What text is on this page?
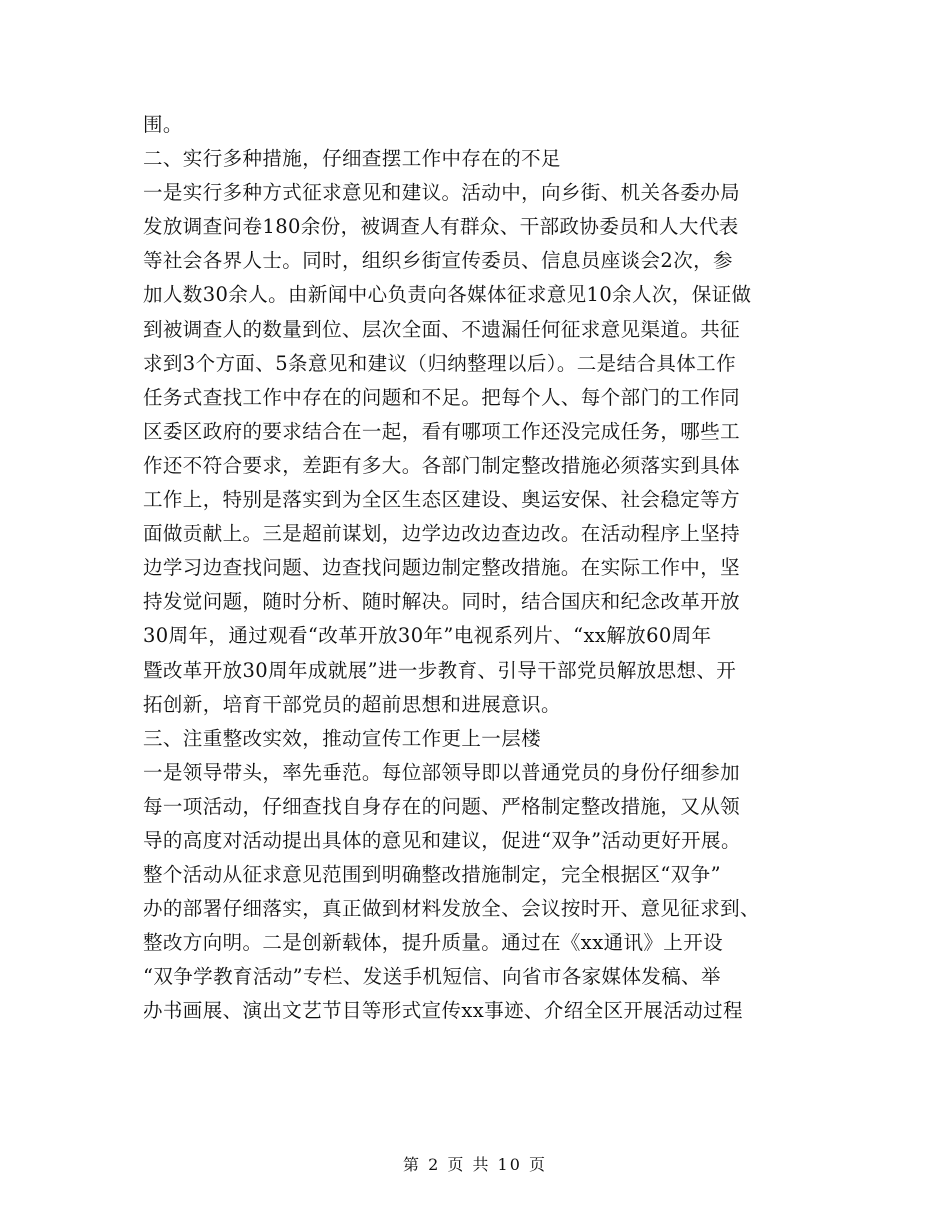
围。
二、实行多种措施，仔细查摆工作中存在的不足
一是实行多种方式征求意见和建议。活动中，向乡街、机关各委办局
发放调查问卷180余份，被调查人有群众、干部政协委员和人大代表
等社会各界人士。同时，组织乡街宣传委员、信息员座谈会2次，参
加人数30余人。由新闻中心负责向各媒体征求意见10余人次，保证做
到被调查人的数量到位、层次全面、不遗漏任何征求意见渠道。共征
求到3个方面、5条意见和建议（归纳整理以后）。二是结合具体工作
任务式查找工作中存在的问题和不足。把每个人、每个部门的工作同
区委区政府的要求结合在一起，看有哪项工作还没完成任务，哪些工
作还不符合要求，差距有多大。各部门制定整改措施必须落实到具体
工作上，特别是落实到为全区生态区建设、奥运安保、社会稳定等方
面做贡献上。三是超前谋划，边学边改边查边改。在活动程序上坚持
边学习边查找问题、边查找问题边制定整改措施。在实际工作中，坚
持发觉问题，随时分析、随时解决。同时，结合国庆和纪念改革开放
30周年，通过观看“改革开放30年”电视系列片、“xx解放60周年
暨改革开放30周年成就展”进一步教育、引导干部党员解放思想、开
拓创新，培育干部党员的超前思想和进展意识。
三、注重整改实效，推动宣传工作更上一层楼
一是领导带头，率先垂范。每位部领导即以普通党员的身份仔细参加
每一项活动，仔细查找自身存在的问题、严格制定整改措施，又从领
导的高度对活动提出具体的意见和建议，促进“双争”活动更好开展。
整个活动从征求意见范围到明确整改措施制定，完全根据区“双争”
办的部署仔细落实，真正做到材料发放全、会议按时开、意见征求到、
整改方向明。二是创新载体，提升质量。通过在《xx通讯》上开设
“双争学教育活动”专栏、发送手机短信、向省市各家媒体发稿、举
办书画展、演出文艺节目等形式宣传xx事迹、介绍全区开展活动过程
第 2 页 共 10 页
